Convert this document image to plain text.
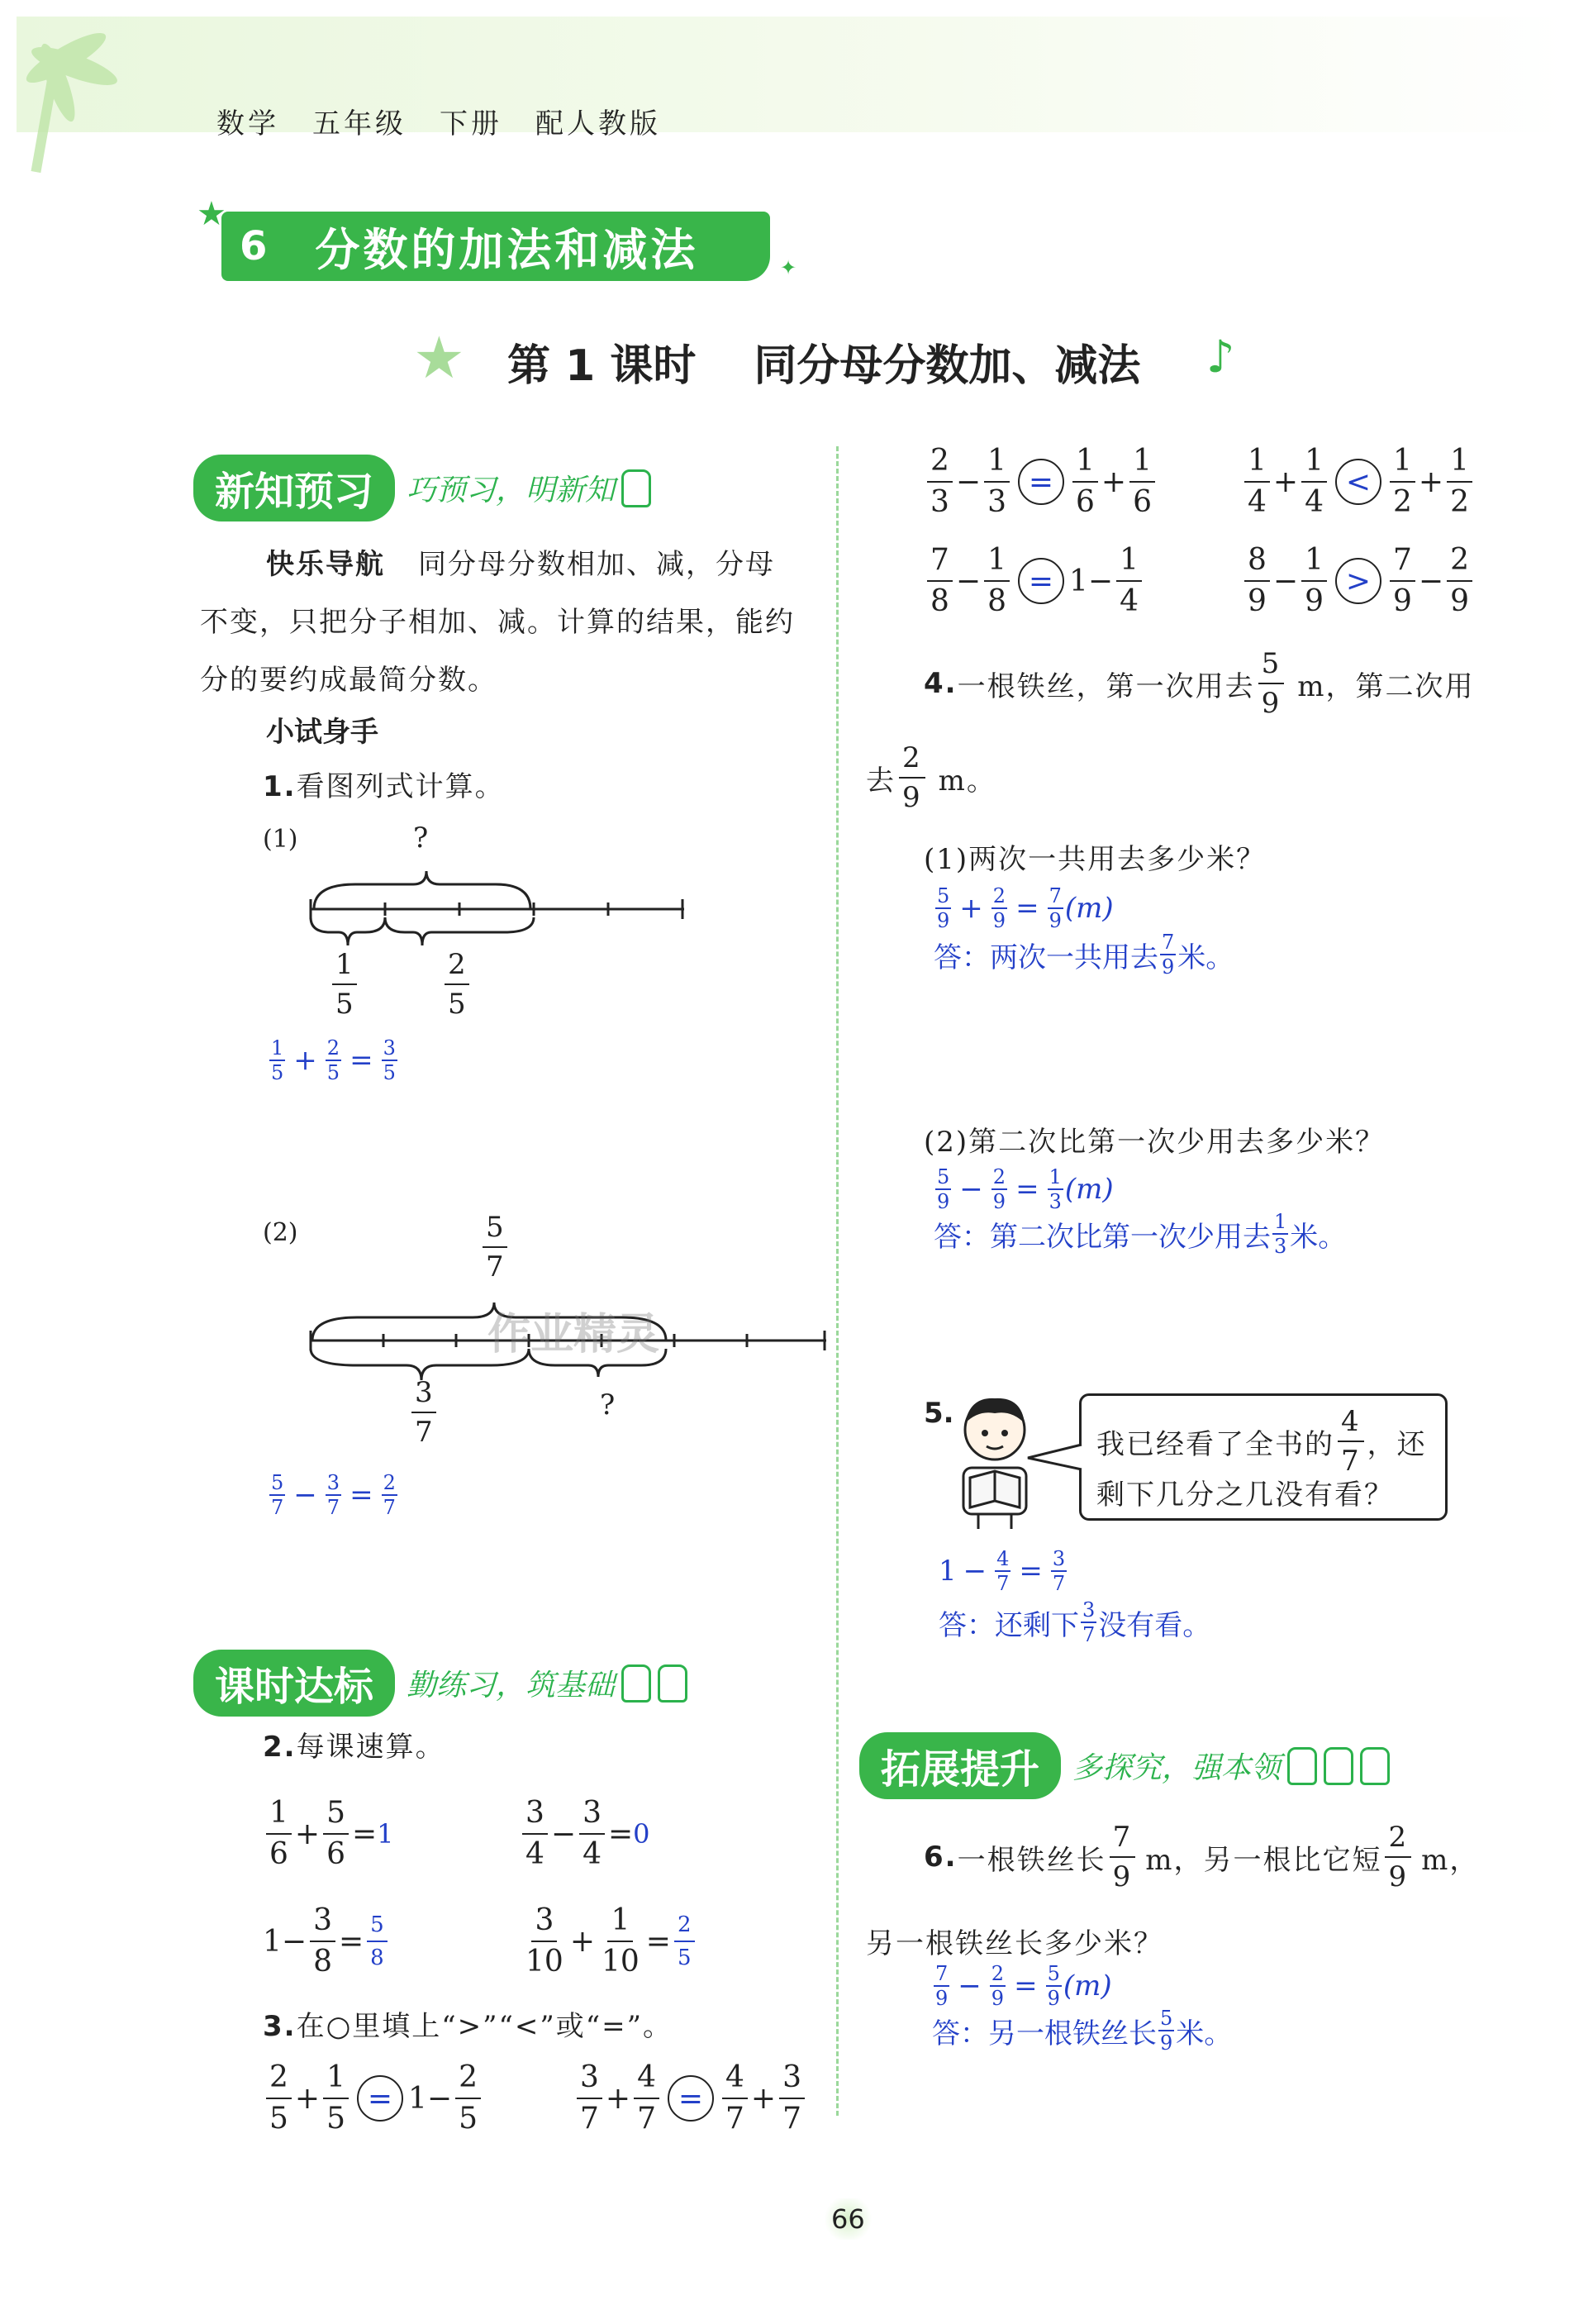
数学 五年级 下册 配人教版
6 分数的加法和减法
★
✦
★ 第 1 课时 同分母分数加、减法 ♪
新知预习	巧预习，明新知
快乐导航 同分母分数相加、减，分母
不变，只把分子相加、减。计算的结果，能约
分的要约成最简分数。
小试身手
1.看图列式计算。
(1)	?
$\frac{1}{5}$	$\frac{2}{5}$
$\frac{1}{5} + \frac{2}{5} = \frac{3}{5}$
(2)	$\frac{5}{7}$
作业精灵
$\frac{3}{7}$	?
$\frac{5}{7} - \frac{3}{7} = \frac{2}{7}$
课时达标	勤练习，筑基础
2.每课速算。
$\frac{1}{6} + \frac{5}{6} = 1$	$\frac{3}{4} - \frac{3}{4} = 0$
$1 - \frac{3}{8} = \frac{5}{8}$	$\frac{3}{10} + \frac{1}{10} = \frac{2}{5}$
3.在○里填上“>”“<”或“=”。
$\frac{2}{5} + \frac{1}{5} = 1 - \frac{2}{5}$	$\frac{3}{7} + \frac{4}{7} = \frac{4}{7} + \frac{3}{7}$
$\frac{2}{3} - \frac{1}{3} = \frac{1}{6} + \frac{1}{6}$	$\frac{1}{4} + \frac{1}{4} < \frac{1}{2} + \frac{1}{2}$
$\frac{7}{8} - \frac{1}{8} = 1 - \frac{1}{4}$	$\frac{8}{9} - \frac{1}{9} > \frac{7}{9} - \frac{2}{9}$
4. 一根铁丝，第一次用去 $\frac{5}{9}$ m，第二次用
去 $\frac{2}{9}$ m。
(1)两次一共用去多少米？
$\frac{5}{9} + \frac{2}{9} = \frac{7}{9} (m)$
答：两次一共用去 $\frac{7}{9}$ 米。
(2)第二次比第一次少用去多少米？
$\frac{5}{9} - \frac{2}{9} = \frac{1}{3} (m)$
答：第二次比第一次少用去 $\frac{1}{3}$ 米。
5.
我已经看了全书的 $\frac{4}{7}$ ，还
剩下几分之几没有看？
$1 - \frac{4}{7} = \frac{3}{7}$
答：还剩下 $\frac{3}{7}$ 没有看。
拓展提升	多探究，强本领
6. 一根铁丝长 $\frac{7}{9}$ m，另一根比它短 $\frac{2}{9}$ m，
另一根铁丝长多少米？
$\frac{7}{9} - \frac{2}{9} = \frac{5}{9} (m)$
答：另一根铁丝长 $\frac{5}{9}$ 米。
66
